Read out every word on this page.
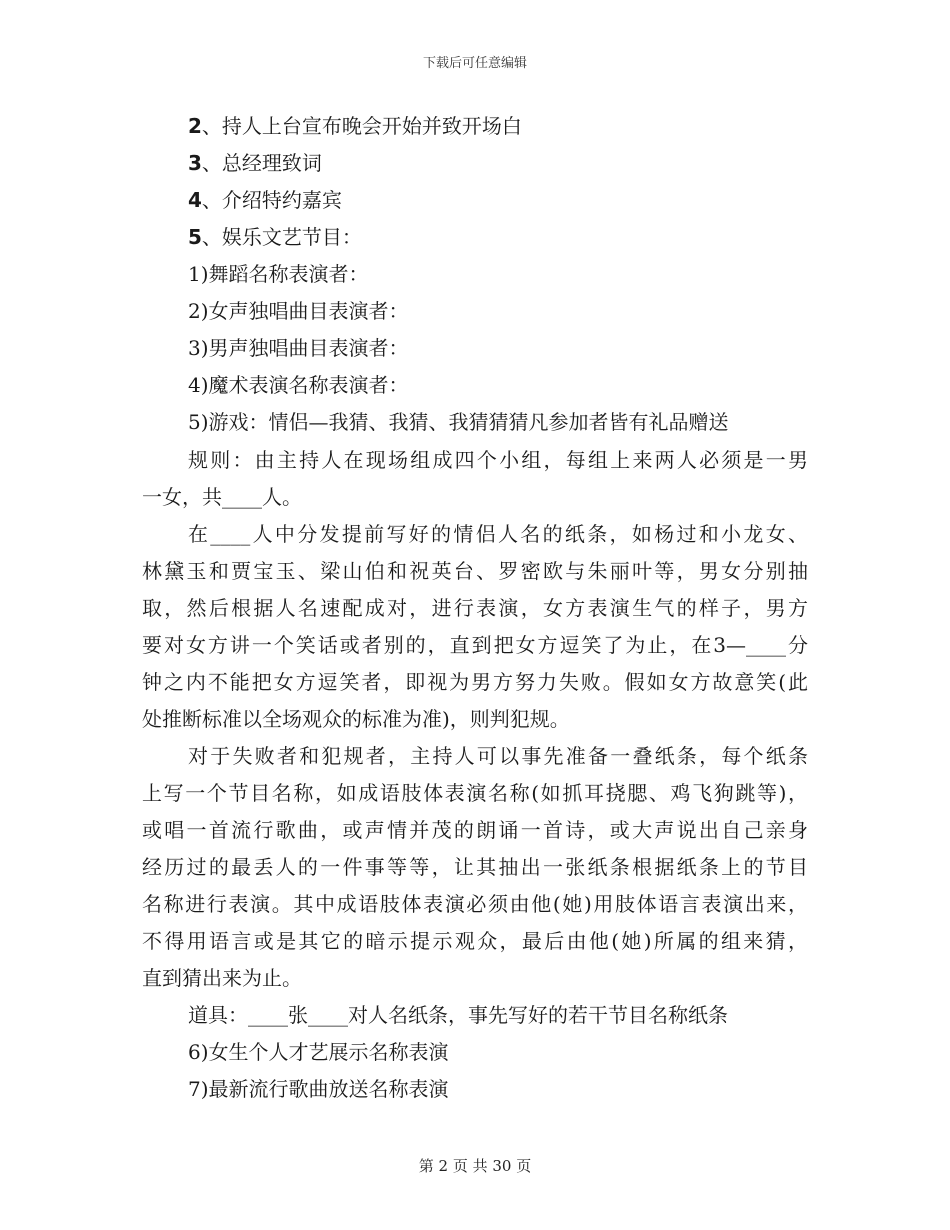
下载后可任意编辑

2、持人上台宣布晚会开始并致开场白

3、总经理致词

4、介绍特约嘉宾

5、娱乐文艺节目：

1)舞蹈名称表演者：

2)女声独唱曲目表演者：

3)男声独唱曲目表演者：

4)魔术表演名称表演者：

5)游戏：情侣—我猜、我猜、我猜猜猜凡参加者皆有礼品赠送

规则：由主持人在现场组成四个小组，每组上来两人必须是一男

一女，共____人。

在____人中分发提前写好的情侣人名的纸条，如杨过和小龙女、

林黛玉和贾宝玉、梁山伯和祝英台、罗密欧与朱丽叶等，男女分别抽

取，然后根据人名速配成对，进行表演，女方表演生气的样子，男方

要对女方讲一个笑话或者别的，直到把女方逗笑了为止，在3—____分

钟之内不能把女方逗笑者，即视为男方努力失败。假如女方故意笑(此

处推断标准以全场观众的标准为准)，则判犯规。

对于失败者和犯规者，主持人可以事先准备一叠纸条，每个纸条

上写一个节目名称，如成语肢体表演名称(如抓耳挠腮、鸡飞狗跳等)，

或唱一首流行歌曲，或声情并茂的朗诵一首诗，或大声说出自己亲身

经历过的最丢人的一件事等等，让其抽出一张纸条根据纸条上的节目

名称进行表演。其中成语肢体表演必须由他(她)用肢体语言表演出来，

不得用语言或是其它的暗示提示观众，最后由他(她)所属的组来猜，

直到猜出来为止。

道具：____张____对人名纸条，事先写好的若干节目名称纸条

6)女生个人才艺展示名称表演

7)最新流行歌曲放送名称表演

第 2 页 共 30 页
